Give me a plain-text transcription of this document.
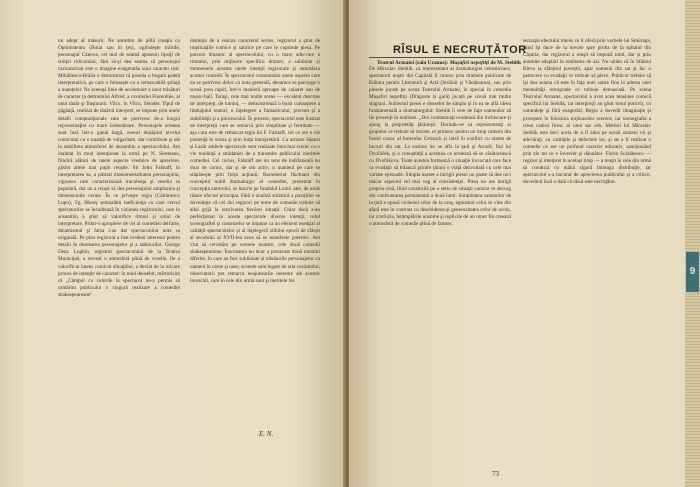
un adept al măsurii. Ne amintim de piîlă creaţia cu Optimistentu (Boiai sau în ţes), oglindeşte trăirile, personajul Cânova, cel mai de seamă apusenii lipsiţi de simţul ridicolului, fără să-şi dea seama că personajul caricaturizat este o imagine exageratăa unui caracter real. Mihăilescu-Brăila a demonstrat că poseda o bogată paletă interpretativă, pe care o folosește cu o remarcabilă ştiinţă a nuanţelor. Ne aceeaşi linie de accentuare a unor trăsături de caracter (a detinutului Alfred, a cavaleriei Florentine, al unui tânăr şi fluşturatic Vilcu, în Vilcu, Slender. Tipul de găgăuţă, realizat de tânărul interpret, se impune prin unele detalii compoziţionale care se potrivesc de-a lungul reprezentaţiei cu mare îndemânare. Personajele acestea sunt însă într-o gamă largă, uneori depăşind nivelul comicului cu o nuanţă de vulgaritate, dar contribuie şi ele la stabilirea atmosferei de ansamblu a spectacolului. Am înaintat în mod intenţionat la urmă pe N. Sireteanu, fiindcă alături de unele aspecte vrednice de apreciere, găsim altele mai puţin reuşite. Sir John Falstaff, în interpretarea sa, a păstrat monumentalitatea personajului, vigoarea care caracterizează truculenţa şi veselia sa populară, dar nu a reuşit să dea personajului amploarea şi dimensiunile cerute. În ce priveşte regia (Căminescu Lupu), Tg. Mureş semnalăm ineficienţa cu care cercul spectatorilor se încadrează în viziunea regizorului, care în ansamblu a ştiut să valorifice ritmul şi stilul de interpretare. Printr-o apropiere de cel al comediei dell'arte, dinamismul şi farsa i-au dat spectacolului nota sa originală. Pe plan regizoral a fost evident interesul pentru detalii în desenarea personajelor şi a tablourilor. George Dem. Loghin, registrul spectacolului de la Teatrul Municipal, a recreat o atmosferă plină de veselie, fie a valorificat intens comicul situaţiilor, a deviat de la oricare proces de intenţie de caracter: în mod deosebit, mărturisim că „Câmpul cu valorile la spectacol ne-a permis să urmărim publicului o singură realizare a comediei shakespeareane".

distinţia de a realiza caracterul serios, regizorul a ştiut de implicaţiile comice şi satirice pe care le cuprinde piesa. Pe parcurs dinamic al spectacolului, cu o mare adecvare a ritmului, prin mijloace specifice dramei, a subliniat şi momentele acestea unele intenţii regizorale şi atmosfera acestei comedii. În spectacolul consemnăm unele aspecte care nu se potrivesc deloc cu nota generală, deoarece se parcurge o scenă prea rapid, într-o manieră aproape de cabaret sau de music-hall. Totuşi, cele mai multe scene — excelent descrise de interpreţi, de lumini, — demonstrează o bună cunoaştere a limbajului teatral, o înţelegere a fantasticului, precum şi a subtilităţii şi a pitorescului. În prezent, spectacolul este ilustrat de interpreţii care se remarcă prin simplitate şi fermitate — aşa cum este de remarcat regia lui F. Falstaff, cel ce are o vie prezenţă în scena şi prin forţa interpretării. Ca urmare Săpezi şi Lazăr ambele spectacole sunt realizate întocmai scenic cu o vie tendinţă a strădaniei de a transmite publicului meritele comediei. Cel curios, Falstaff are un sens de îndrăzneală nu doar de comic, dar şi de om activ; o manieră pe care se stăpâneşte prin forţa acţiunii. Barometrul fluctuant din conceptul nobil dramaturgic al comediei, prezentat în concepţia autorului, se înscrie pe fundalul Lumii sale, de unde răsare efectul principal. Fără o analiză stilistică a poziţiilor se dovedeşte că cei doi regizori pe teme de comedie trebuie să aibă grijă la rezolvarea fiecărei situaţii. Chiar dacă s-au perfecţionat în aceste spectacole diverse intenţii, rolul scenografiei şi costumelor se impune ca un element esenţial al calităţii spectacolelor şi al înţelegerii stilului epocii de sfârşit al secolului al XVII-lea avea să se manifeste puternic. Am vrut să cercetăm pe scenele noastre, cele două comedii shakespeariene. Înscenarea nu doar a prezentat două montări diferite, în care au fost subliniate şi trăsăturile personajelor ca oameni în carne şi oase; scenele sunt legate de arta cuvântului; observatorii pot remarca neajunsurile inerente ale acestor încercări, care în cele din urmă sunt şi meritele lor.

E. N.
RÎSUL E NECRUȚĂTOR
Teatrul Armatei (sala Uranus): Mușafiri nepoftiți de M. Stehlik

De Miroslav Stehlík, ca reprezentant al dramaturgiei cehoslovace, spectatorii noştri din Capitală îl cunosc prin dramele publicate de Editura pentru Literatură şi Artă (Străinii şi Vânătoarea), sau prin piesele jucate pe scena Teatrului Armatei, în special în comedia Mușafiri nepoftiți (Dragoste la gară) jucată pe scenă mai multe stagiuni. Subiectul piesei e deosebit de simplu şi în ea se află ideea fundamentală a dramaturgului: Stehlik îi cere de fapt oamenilor să fie prezenţi în realitate. „Doi condamnaţi evadează din închisoare şi ajung la proprietăţi ţărăneşti. Dorindu-se ca reprezentanţi ai grupului ce trebuie să reziste, ei primesc pentru un timp camera din fostul conac al boierului Cernoch şi intră în conflict cu starea de lucruri din sat. La sosirea lor se afla la ţară şi Arnošt, fiul lui Dvořáček, şi o cunoştinţă a acestuia ce urmează să se căsătorească cu Dvořákova. Toate acestea formează o situaţie încurcată care face ca evadaţii să trăiască printre ţărani o viaţă dezvoltată cu cele mai variate episoade. Simpla narare a intrigii piesei nu poate să dea nici măcar aspectul cel mai vag al consistenţei. Piesa nu are intrigă propriu-zisă, fiind construită pe o serie de situaţii comice ce decurg din confruntarea permanentă a două lumi. Simplitatea oamenilor de la ţară e opusă vicleniei celor de la oraş, egoismul celui ce vine din afară este în contrast cu deschiderea şi generozitatea celor de acolo, iar confuzia, întâmplările nostime şi replicile de un umor fin creează o atmosferă de comedie plină de farmec.

senzaţia efectului imens ce îl oferă prin vorbele lui Smirnaja, când îşi duce de la nevoie spre proba de la spitalul din Cășaria, dar regizorul a reuşit să impună totul, dar și prin anumite adaptări la realitatea de azi. Nu uităm că în Sfântul Bieva ia sfârşitul poveştii, apar oamenii din sat şi fac o petrecere cu evadaţii ce trebuie să plece. Publicul trebuie să îşi dea seama că este în faţa unei satire fine la adresa unei mentalităţi retrograde ce trebuie demascată. Pe scena Teatrului Armatei, spectacolul a avut acea tensiune comică specifică lui Stehlik, iar interpreţii au găsit tonul potrivit, cu naturaleţe şi fără exagerări. Regia a dovedit imaginaţie şi pricepere în folosirea mijloacelor scenice, iar scenografia a creat cadrul firesc al unui sat ceh. Meritul lui Miroslav Stehlik este deci acela de a fi adus pe scenă oameni vii şi adevăraţi, cu calităţile şi defectele lor, şi de a fi realizat o comedie ce are un profund caracter educativ, sancţionând prin râs tot ce e învechit şi dăunător. Florin Scărlătescu — regizor şi interpret în acelaşi timp — a reuşit în cele din urmă să conducă cu mână sigură întreaga distribuţie, iar spectacolul s-a bucurat de aprecierea publicului şi a criticii, dovedind încă o dată că râsul este necruţător.

73
9
